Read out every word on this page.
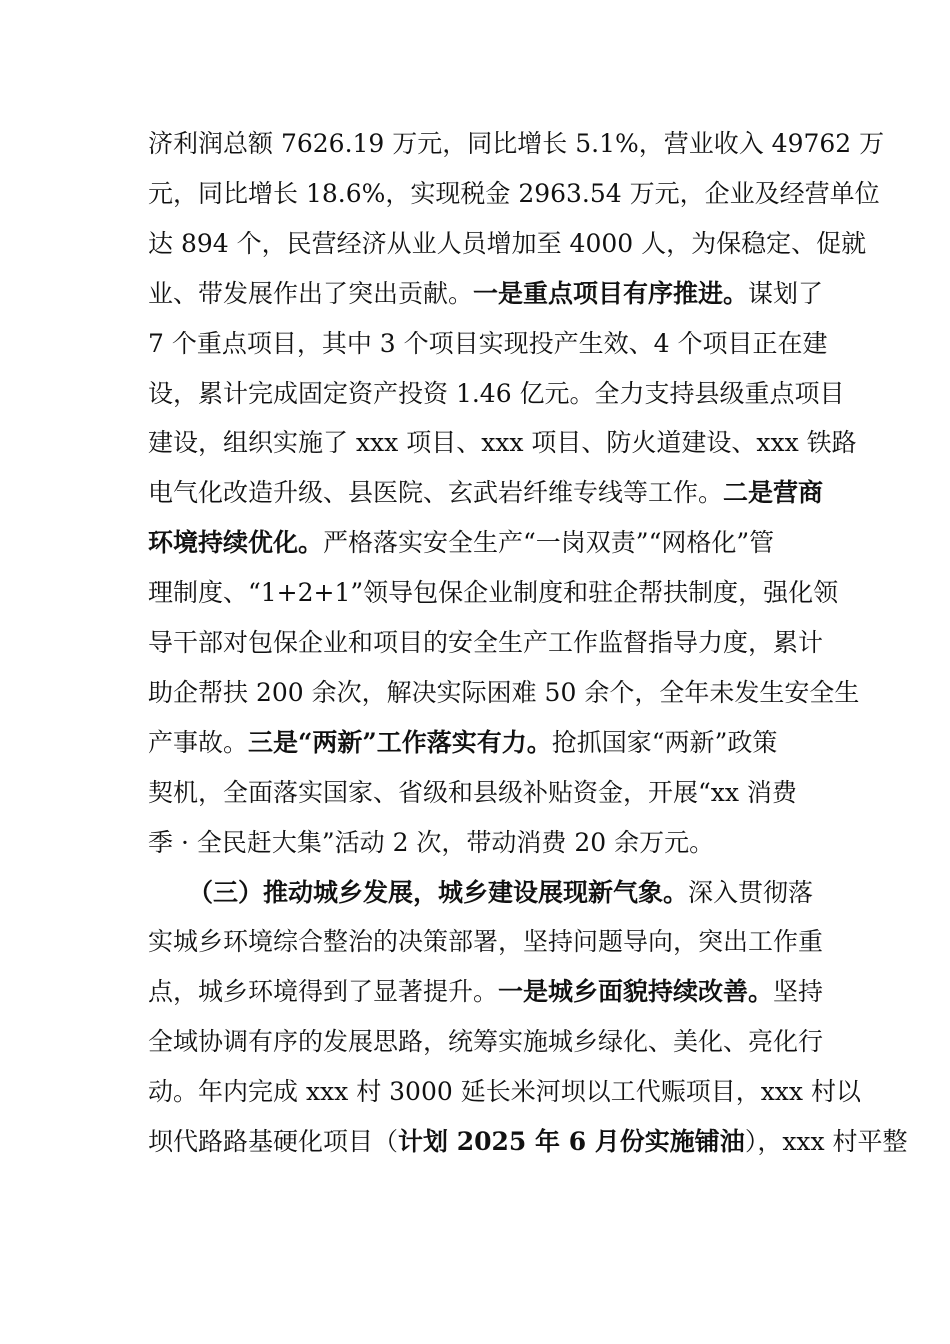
济利润总额 7626.19 万元，同比增长 5.1%，营业收入 49762 万
元，同比增长 18.6%，实现税金 2963.54 万元，企业及经营单位
达 894 个，民营经济从业人员增加至 4000 人，为保稳定、促就
业、带发展作出了突出贡献。一是重点项目有序推进。谋划了
7 个重点项目，其中 3 个项目实现投产生效、4 个项目正在建
设，累计完成固定资产投资 1.46 亿元。全力支持县级重点项目
建设，组织实施了 xxx 项目、xxx 项目、防火道建设、xxx 铁路
电气化改造升级、县医院、玄武岩纤维专线等工作。二是营商
环境持续优化。严格落实安全生产“一岗双责”“网格化”管
理制度、“1+2+1”领导包保企业制度和驻企帮扶制度，强化领
导干部对包保企业和项目的安全生产工作监督指导力度，累计
助企帮扶 200 余次，解决实际困难 50 余个，全年未发生安全生
产事故。三是“两新”工作落实有力。抢抓国家“两新”政策
契机，全面落实国家、省级和县级补贴资金，开展“xx 消费
季 · 全民赶大集”活动 2 次，带动消费 20 余万元。
（三）推动城乡发展，城乡建设展现新气象。深入贯彻落
实城乡环境综合整治的决策部署，坚持问题导向，突出工作重
点，城乡环境得到了显著提升。一是城乡面貌持续改善。坚持
全域协调有序的发展思路，统筹实施城乡绿化、美化、亮化行
动。年内完成 xxx 村 3000 延长米河坝以工代赈项目，xxx 村以
坝代路路基硬化项目（计划 2025 年 6 月份实施铺油），xxx 村平整
